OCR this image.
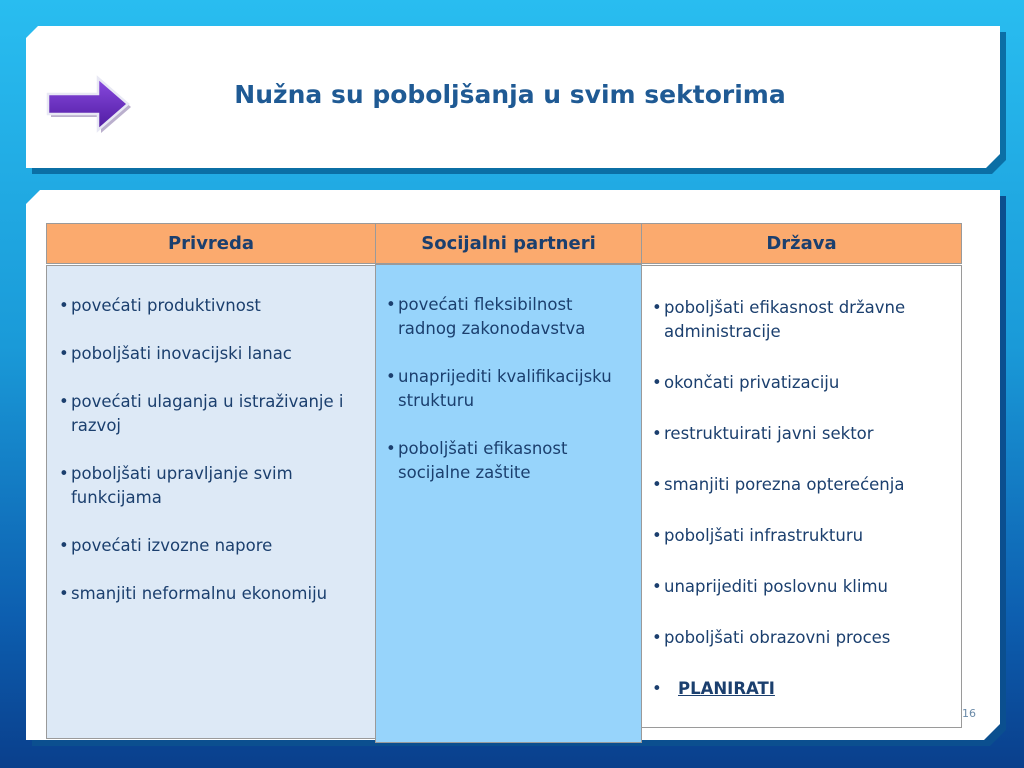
Nužna su poboljšanja u svim sektorima
Privreda	Socijalni partneri	Država
• povećati produktivnost
• poboljšati inovacijski lanac
• povećati ulaganja u istraživanje i razvoj
• poboljšati upravljanje svim funkcijama
• povećati izvozne napore
• smanjiti neformalnu ekonomiju
• povećati fleksibilnost radnog zakonodavstva
• unaprijediti kvalifikacijsku strukturu
• poboljšati efikasnost socijalne zaštite
• poboljšati efikasnost državne administracije
• okončati privatizaciju
• restruktuirati javni sektor
• smanjiti porezna opterećenja
• poboljšati infrastrukturu
• unaprijediti poslovnu klimu
• poboljšati obrazovni proces
• PLANIRATI
16
